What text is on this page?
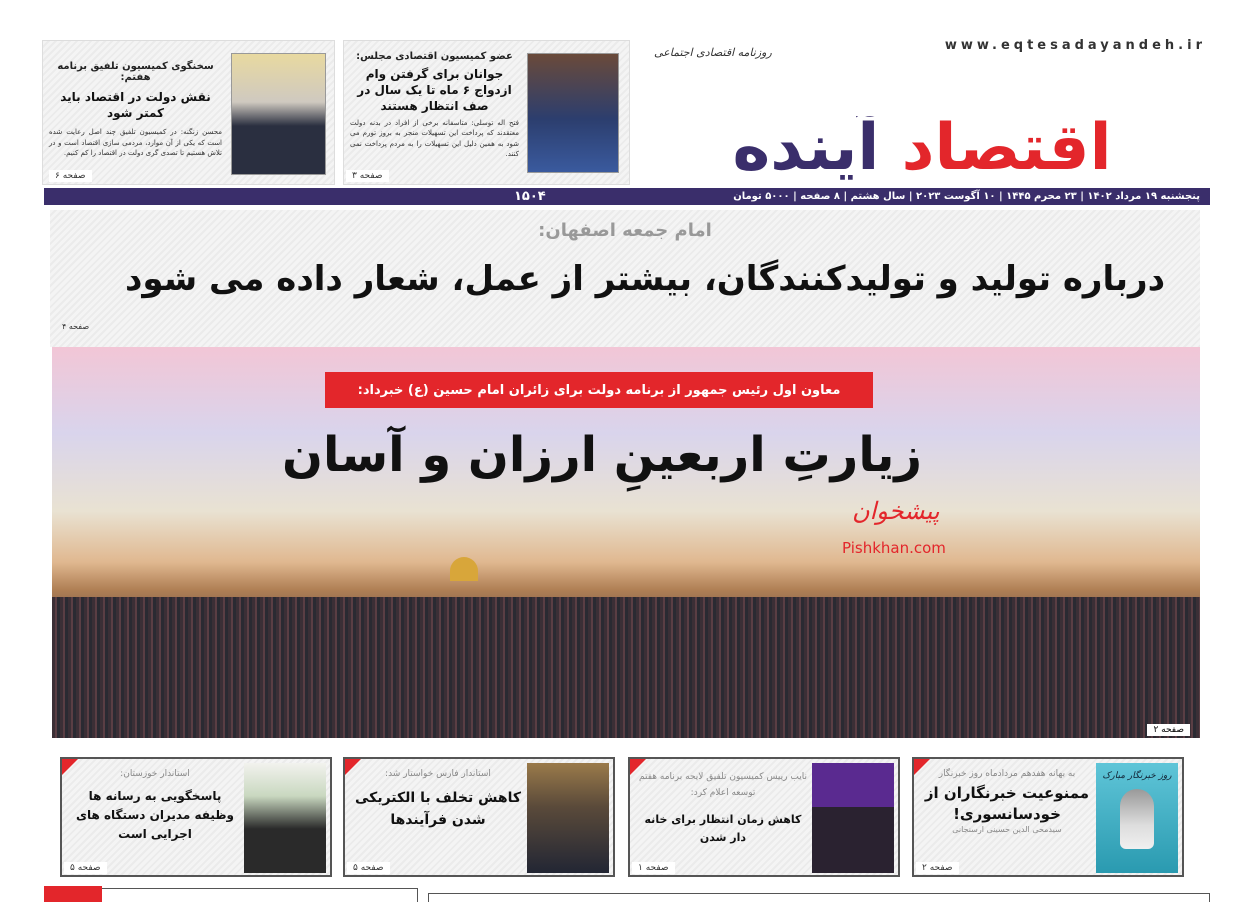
www.eqtesadayandeh.ir
روزنامه اقتصادی اجتماعی
اقتصاد آینده
پنجشنبه ۱۹ مرداد ۱۴۰۲ | ۲۳ محرم ۱۴۴۵ | ۱۰ آگوست ۲۰۲۳ | سال هشتم | ۸ صفحه | ۵۰۰۰ تومان
۱۵۰۴
عضو کمیسیون اقتصادی مجلس:
جوانان برای گرفتن وام ازدواج ۶ ماه تا یک سال در صف انتظار هستند
فتح اله توسلی: متاسفانه برخی از افراد در بدنه دولت معتقدند که پرداخت این تسهیلات منجر به بروز تورم می شود به همین دلیل این تسهیلات را به مردم پرداخت نمی کنند.
صفحه ۳
سخنگوی کمیسیون تلفیق برنامه هفتم:
نقش دولت در اقتصاد باید کمتر شود
محسن زنگنه: در کمیسیون تلفیق چند اصل رعایت شده است که یکی از آن موارد، مردمی سازی اقتصاد است و در تلاش هستیم تا تصدی گری دولت در اقتصاد را کم کنیم.
صفحه ۶
امام جمعه اصفهان:
درباره تولید و تولیدکنندگان، بیشتر از عمل، شعار داده می شود
صفحه ۴
معاون اول رئیس جمهور از برنامه دولت برای زائران امام حسین (ع) خبرداد:
زیارتِ اربعینِ ارزان و آسان
پیشخوان
Pishkhan.com
صفحه ۲
روز خبرنگار مبارک
به بهانه هفدهم مردادماه روز خبرنگار
ممنوعیت خبرنگاران از خودسانسوری!
سیدمحی الدین حسینی ارسنجانی
صفحه ۲
نایب رییس کمیسیون تلفیق لایحه برنامه هفتم توسعه اعلام کرد:
کاهش زمان انتظار برای خانه دار شدن
صفحه ۱
استاندار فارس خواستار شد:
کاهش تخلف با الکتریکی شدن فرآیندها
صفحه ۵
استاندار خوزستان:
پاسخگویی به رسانه ها وظیفه مدیران دستگاه های اجرایی است
صفحه ۵
